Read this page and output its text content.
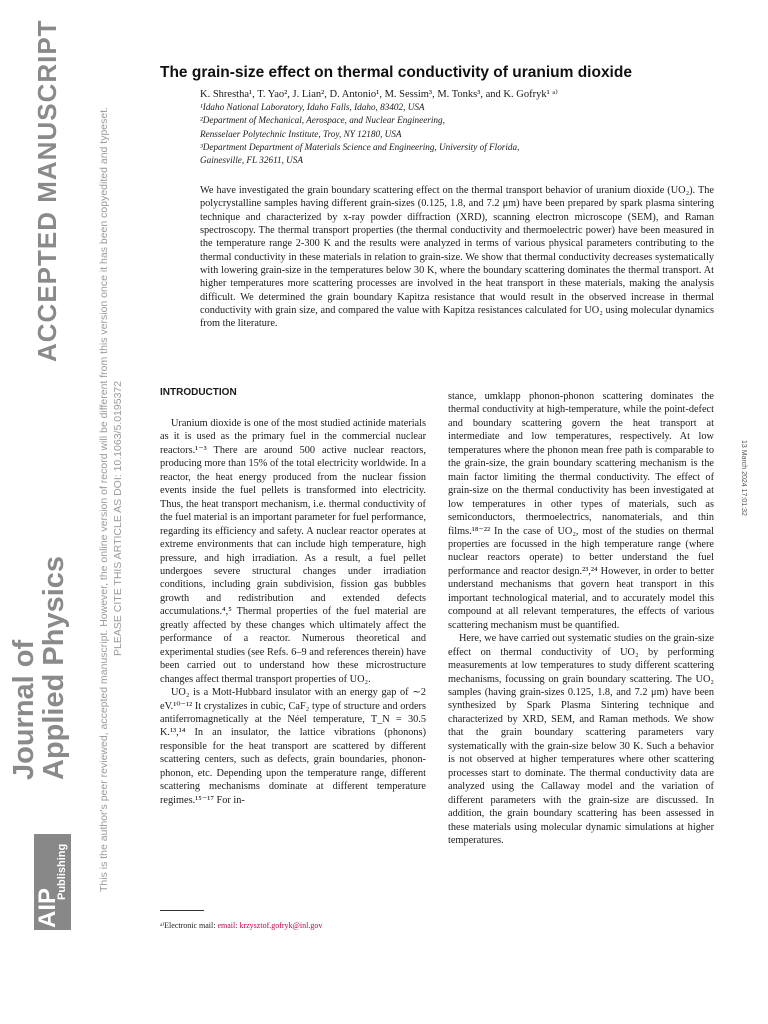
ACCEPTED MANUSCRIPT
Journal of
Applied Physics
AIP
Publishing	This is the author's peer reviewed, accepted manuscript. However, the online version of record will be different from this version once it has been copyedited and typeset. PLEASE CITE THIS ARTICLE AS DOI: 10.1063/5.0195372	13 March 2024 17:01:32
The grain-size effect on thermal conductivity of uranium dioxide
K. Shrestha¹, T. Yao², J. Lian², D. Antonio¹, M. Sessim³, M. Tonks³, and K. Gofryk¹ ᵃ⁾
¹Idaho National Laboratory, Idaho Falls, Idaho, 83402, USA
²Department of Mechanical, Aerospace, and Nuclear Engineering,
Rensselaer Polytechnic Institute, Troy, NY 12180, USA
³Department Department of Materials Science and Engineering, University of Florida,
Gainesville, FL 32611, USA
We have investigated the grain boundary scattering effect on the thermal transport behavior of uranium dioxide (UO₂). The polycrystalline samples having different grain-sizes (0.125, 1.8, and 7.2 μm) have been prepared by spark plasma sintering technique and characterized by x-ray powder diffraction (XRD), scanning electron microscope (SEM), and Raman spectroscopy. The thermal transport properties (the thermal conductivity and thermoelectric power) have been measured in the temperature range 2-300 K and the results were analyzed in terms of various physical parameters contributing to the thermal conductivity in these materials in relation to grain-size. We show that thermal conductivity decreases systematically with lowering grain-size in the temperatures below 30 K, where the boundary scattering dominates the thermal transport. At higher temperatures more scattering processes are involved in the heat transport in these materials, making the analysis difficult. We determined the grain boundary Kapitza resistance that would result in the observed increase in thermal conductivity with grain size, and compared the value with Kapitza resistances calculated for UO₂ using molecular dynamics from the literature.
INTRODUCTION

Uranium dioxide is one of the most studied actinide materials as it is used as the primary fuel in the commercial nuclear reactors.¹⁻³ There are around 500 active nuclear reactors, producing more than 15% of the total electricity worldwide. In a reactor, the heat energy produced from the nuclear fission events inside the fuel pellets is transformed into electricity. Thus, the heat transport mechanism, i.e. thermal conductivity of the fuel material is an important parameter for fuel performance, regarding its efficiency and safety. A nuclear reactor operates at extreme environments that can include high temperature, high pressure, and high irradiation. As a result, a fuel pellet undergoes severe structural changes under irradiation conditions, including grain subdivision, fission gas bubbles growth and redistribution and extended defects accumulations.⁴,⁵ Thermal properties of the fuel material are greatly affected by these changes which ultimately affect the performance of a reactor. Numerous theoretical and experimental studies (see Refs. 6–9 and references therein) have been carried out to understand how these microstructure changes affect thermal transport properties of UO₂.

UO₂ is a Mott-Hubbard insulator with an energy gap of ∼2 eV.¹⁰⁻¹² It crystalizes in cubic, CaF₂ type of structure and orders antiferromagnetically at the Néel temperature, T_N = 30.5 K.¹³,¹⁴ In an insulator, the lattice vibrations (phonons) responsible for the heat transport are scattered by different scattering centers, such as defects, grain boundaries, phonon-phonon, etc. Depending upon the temperature range, different scattering mechanisms dominate at different temperature regimes.¹⁵⁻¹⁷ For in-

stance, umklapp phonon-phonon scattering dominates the thermal conductivity at high-temperature, while the point-defect and boundary scattering govern the heat transport at intermediate and low temperatures, respectively. At low temperatures where the phonon mean free path is comparable to the grain-size, the grain boundary scattering mechanism is the main factor limiting the thermal conductivity. The effect of grain-size on the thermal conductivity has been investigated at low temperatures in other types of materials, such as semiconductors, thermoelectrics, nanomaterials, and thin films.¹⁸⁻²² In the case of UO₂, most of the studies on thermal properties are focussed in the high temperature range (where nuclear reactors operate) to better understand the fuel performance and reactor design.²³,²⁴ However, in order to better understand mechanisms that govern heat transport in this important technological material, and to accurately model this compound at all relevant temperatures, the effects of various scattering mechanism must be quantified.

Here, we have carried out systematic studies on the grain-size effect on thermal conductivity of UO₂ by performing measurements at low temperatures to study different scattering mechanisms, focussing on grain boundary scattering. The UO₂ samples (having grain-sizes 0.125, 1.8, and 7.2 μm) have been synthesized by Spark Plasma Sintering technique and characterized by XRD, SEM, and Raman methods. We show that the grain boundary scattering parameters vary systematically with the grain-size below 30 K. Such a behavior is not observed at higher temperatures where other scattering processes start to dominate. The thermal conductivity data are analyzed using the Callaway model and the variation of different parameters with the grain-size are discussed. In addition, the grain boundary scattering has been assessed in these materials using molecular dynamic simulations at higher temperatures.

ᵃ⁾Electronic mail: email: krzysztof.gofryk@inl.gov
